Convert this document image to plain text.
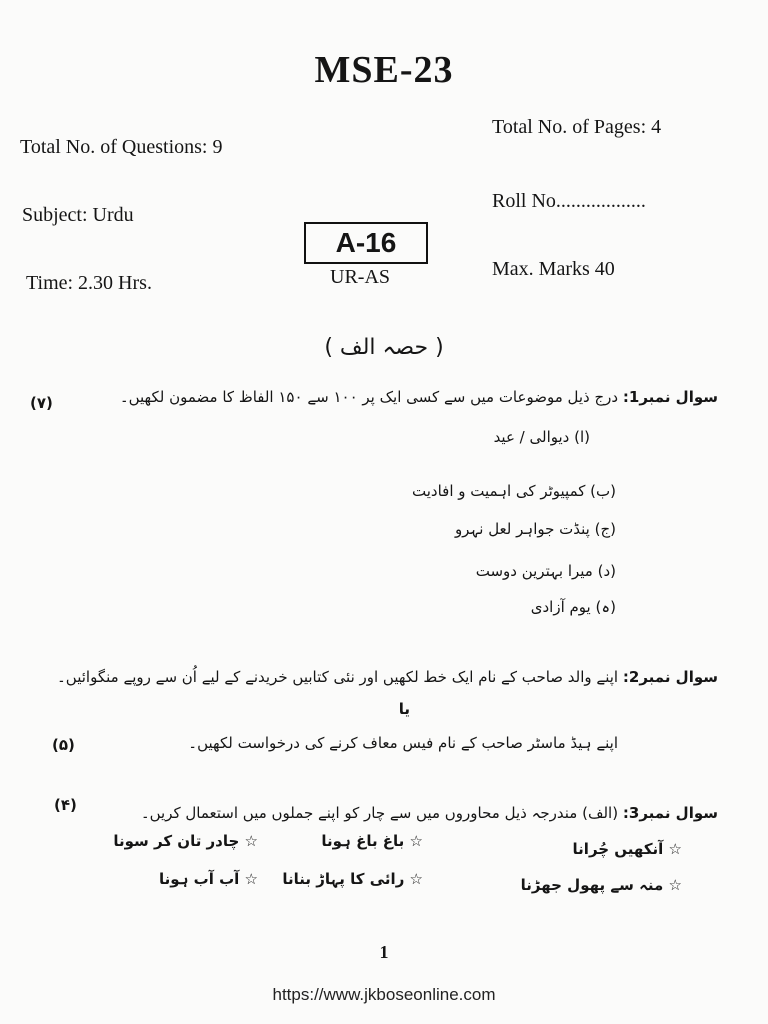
MSE-23
Total No. of Questions: 9
Total No. of Pages: 4
Subject: Urdu
Roll No..................
A-16
UR-AS
Time: 2.30 Hrs.
Max. Marks 40
( حصہ الف )
(۷)	سوال نمبر1: درج ذیل موضوعات میں سے کسی ایک پر ۱۰۰ سے ۱۵۰ الفاظ کا مضمون لکھیں۔
(ا) دیوالی / عید
(ب) کمپیوٹر کی اہمیت و افادیت
(ج) پنڈت جواہر لعل نہرو
(د) میرا بہترین دوست
(ہ) یوم آزادی
سوال نمبر2: اپنے والد صاحب کے نام ایک خط لکھیں اور نئی کتابیں خریدنے کے لیے اُن سے روپے منگوائیں۔
یا
(۵)	اپنے ہیڈ ماسٹر صاحب کے نام فیس معاف کرنے کی درخواست لکھیں۔
(۴)	سوال نمبر3: (الف) مندرجہ ذیل محاوروں میں سے چار کو اپنے جملوں میں استعمال کریں۔
☆ آنکھیں چُرانا
☆ باغ باغ ہونا
☆ چادر تان کر سونا
☆ منہ سے پھول جھڑنا
☆ رائی کا پہاڑ بنانا
☆ آب آب ہونا
1
https://www.jkboseonline.com
